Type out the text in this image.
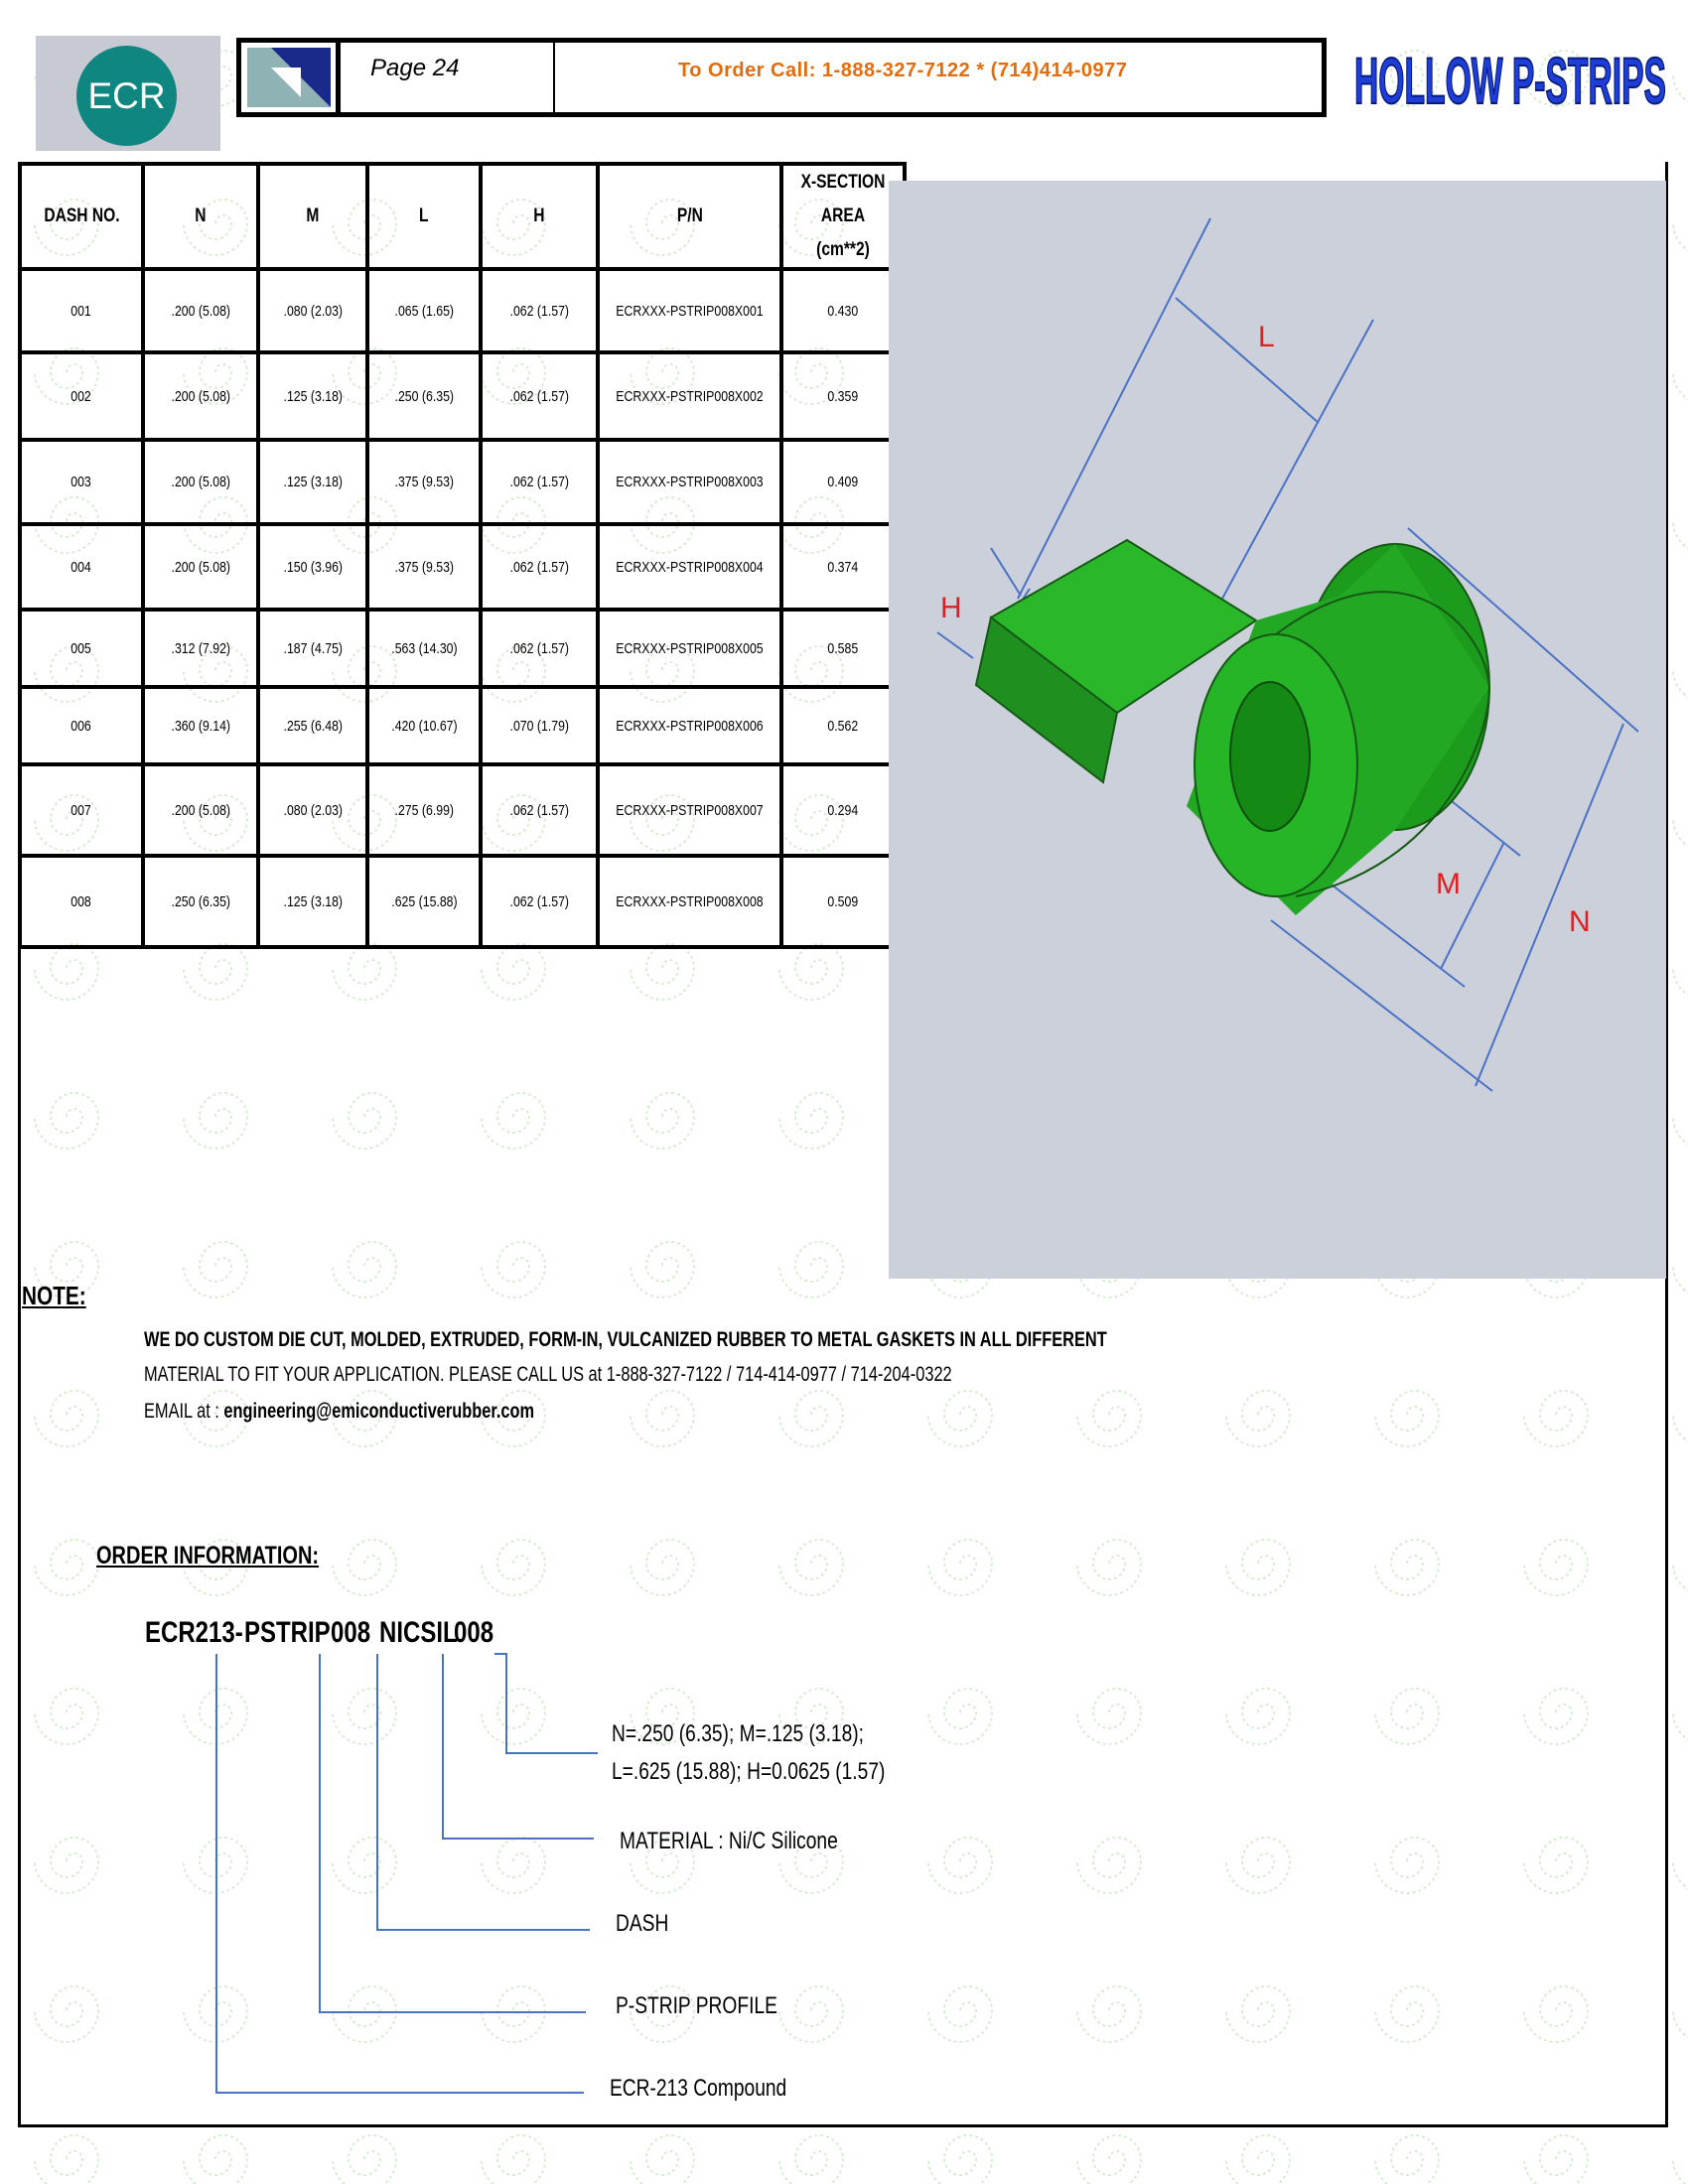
ECR
Page 24	To Order Call: 1-888-327-7122 * (714)414-0977	HOLLOW P-STRIPS
DASH NO.	N	M	L	H	P/N	X-SECTION AREA (cm**2)
001	.200 (5.08)	.080 (2.03)	.065 (1.65)	.062 (1.57)	ECRXXX-PSTRIP008X001	0.430
002	.200 (5.08)	.125 (3.18)	.250 (6.35)	.062 (1.57)	ECRXXX-PSTRIP008X002	0.359
003	.200 (5.08)	.125 (3.18)	.375 (9.53)	.062 (1.57)	ECRXXX-PSTRIP008X003	0.409
004	.200 (5.08)	.150 (3.96)	.375 (9.53)	.062 (1.57)	ECRXXX-PSTRIP008X004	0.374
005	.312 (7.92)	.187 (4.75)	.563 (14.30)	.062 (1.57)	ECRXXX-PSTRIP008X005	0.585
006	.360 (9.14)	.255 (6.48)	.420 (10.67)	.070 (1.79)	ECRXXX-PSTRIP008X006	0.562
007	.200 (5.08)	.080 (2.03)	.275 (6.99)	.062 (1.57)	ECRXXX-PSTRIP008X007	0.294
008	.250 (6.35)	.125 (3.18)	.625 (15.88)	.062 (1.57)	ECRXXX-PSTRIP008X008	0.509
L
H
M
N
NOTE:
WE DO CUSTOM DIE CUT, MOLDED, EXTRUDED, FORM-IN, VULCANIZED RUBBER TO METAL GASKETS IN ALL DIFFERENT
MATERIAL TO FIT YOUR APPLICATION. PLEASE CALL US at 1-888-327-7122 / 714-414-0977 / 714-204-0322
EMAIL at : engineering@emiconductiverubber.com
ORDER INFORMATION:
ECR213- PSTRIP 008 NICSIL
008
N=.250 (6.35); M=.125 (3.18);
L=.625 (15.88); H=0.0625 (1.57)
MATERIAL : Ni/C Silicone
DASH
P-STRIP PROFILE
ECR-213 Compound
